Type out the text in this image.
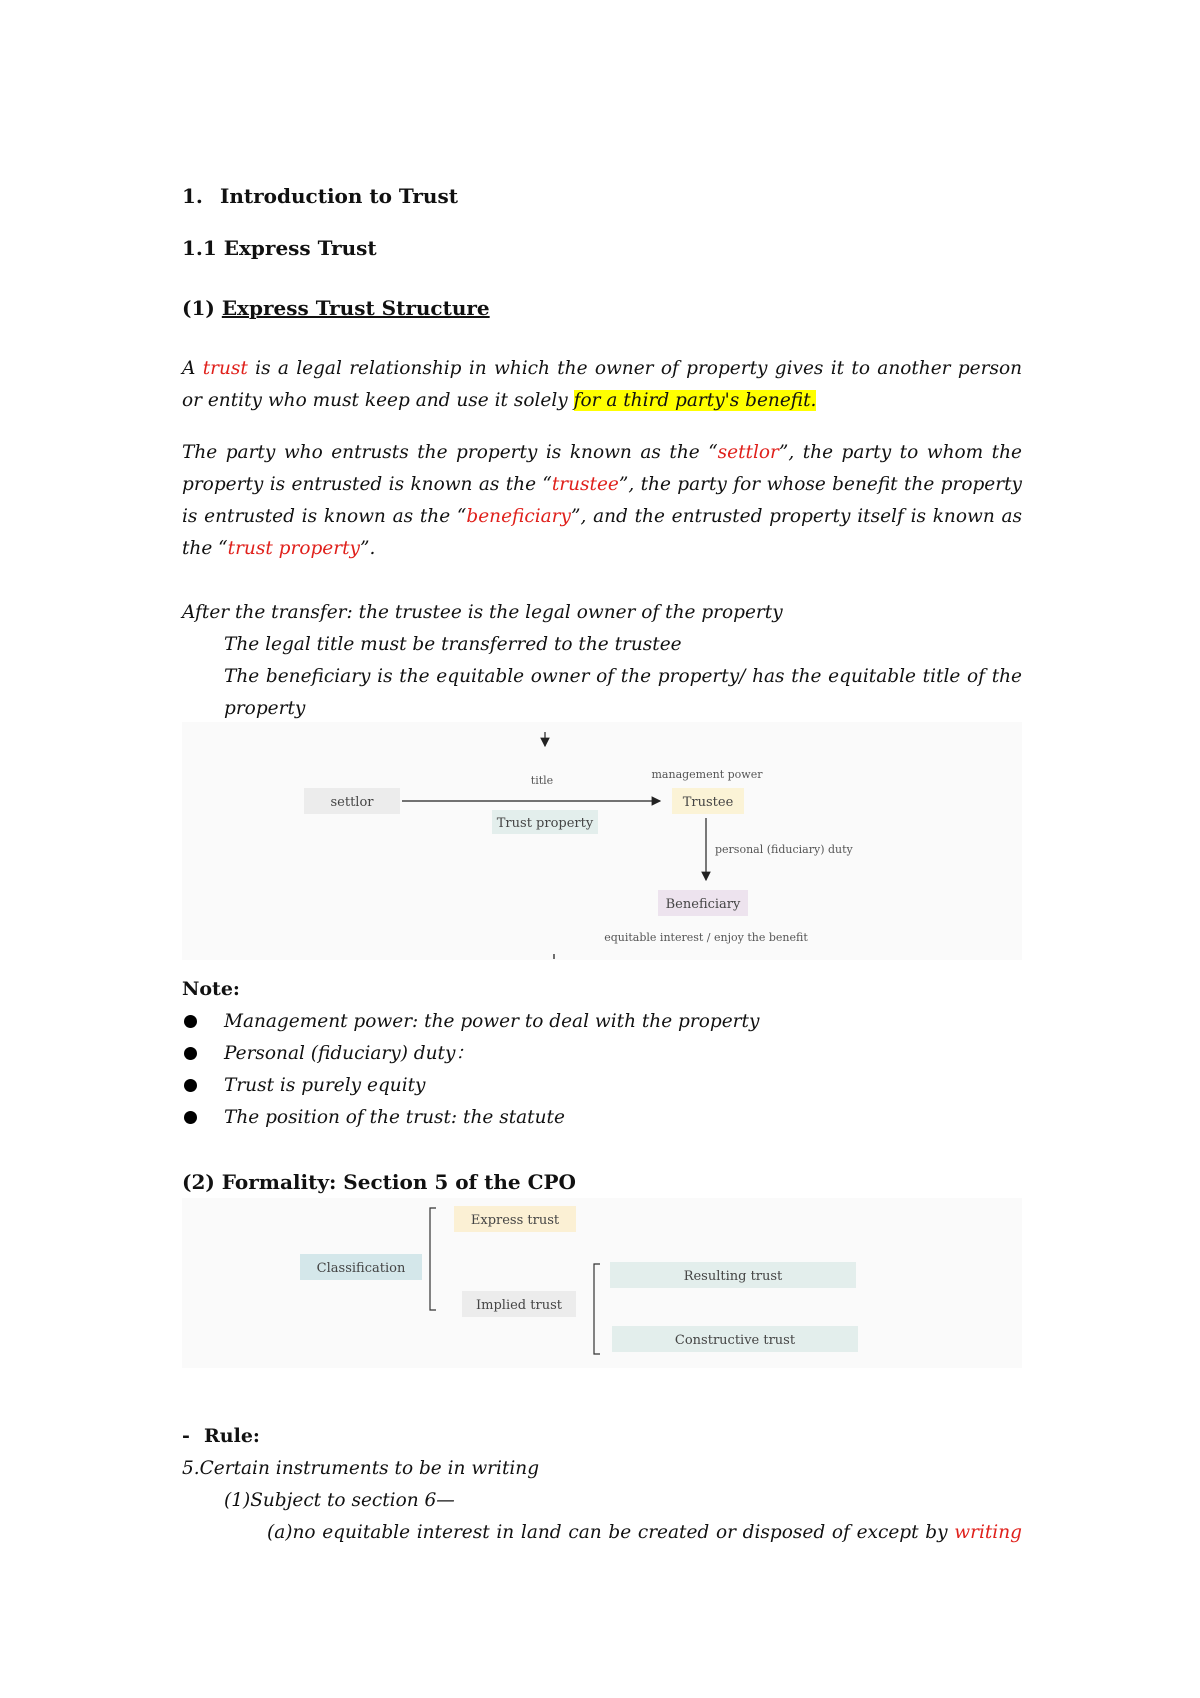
1. Introduction to Trust
1.1 Express Trust
(1) Express Trust Structure
A trust is a legal relationship in which the owner of property gives it to another person or entity who must keep and use it solely for a third party's benefit.
The party who entrusts the property is known as the “settlor”, the party to whom the property is entrusted is known as the “trustee”, the party for whose benefit the property is entrusted is known as the “beneficiary”, and the entrusted property itself is known as the “trust property”.
After the transfer: the trustee is the legal owner of the property
The legal title must be transferred to the trustee
The beneficiary is the equitable owner of the property/ has the equitable title of the property
settlor
title
Trust property
management power
Trustee
personal (fiduciary) duty
Beneficiary
equitable interest / enjoy the benefit
Note:
Management power: the power to deal with the property
Personal (fiduciary) duty：
Trust is purely equity
The position of the trust: the statute
(2) Formality: Section 5 of the CPO
Classification
Express trust
Implied trust
Resulting trust
Constructive trust
- Rule:
5.Certain instruments to be in writing
(1)Subject to section 6—
(a)no equitable interest in land can be created or disposed of except by writing
